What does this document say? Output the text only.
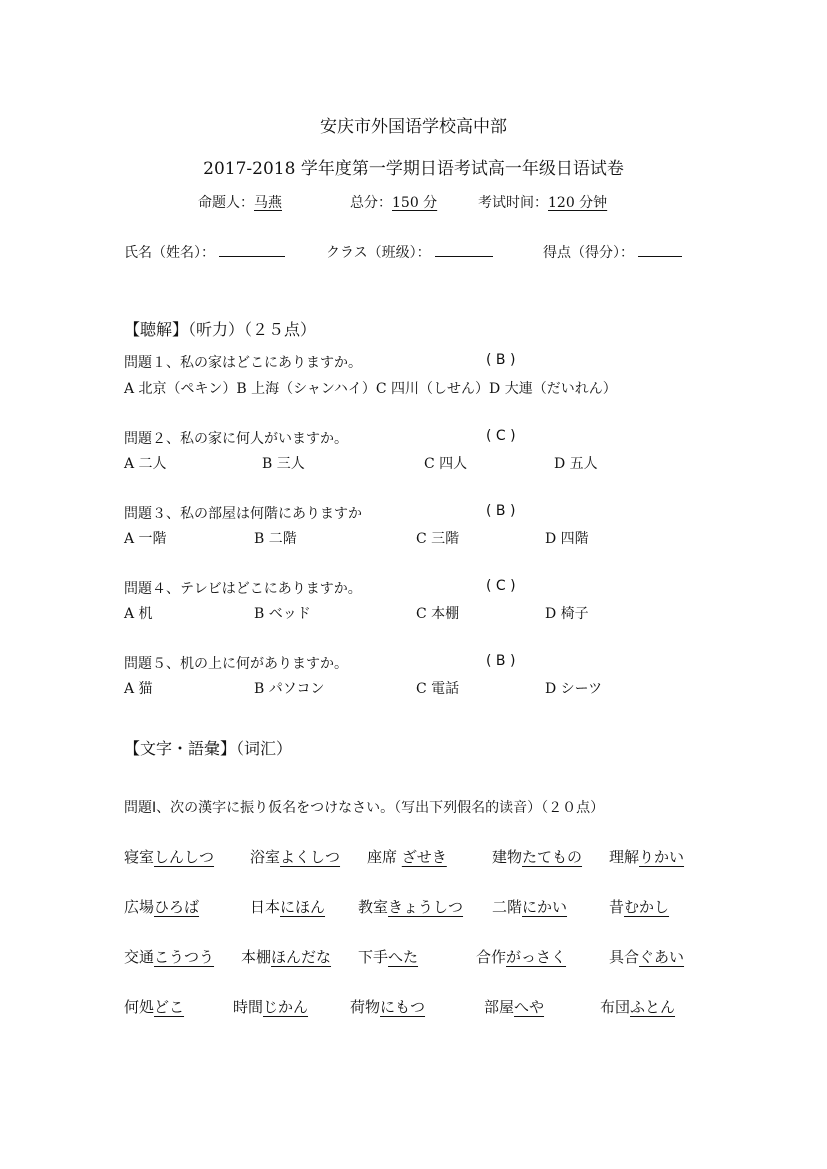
安庆市外国语学校高中部
2017-2018 学年度第一学期日语考试高一年级日语试卷
命题人：马燕	总分：150 分	考试时间：120 分钟
氏名（姓名）：	クラス（班级）：	得点（得分）：
【聴解】（听力）（２５点）
問題１、私の家はどこにありますか。	( B )
A 北京（ペキン）B 上海（シャンハイ）C 四川（しせん）D 大連（だいれん）
問題２、私の家に何人がいますか。	( C )
A 二人	B 三人	C 四人	D 五人
問題３、私の部屋は何階にありますか	( B )
A 一階	B 二階	C 三階	D 四階
問題４、テレビはどこにありますか。	( C )
A 机	B ベッド	C 本棚	D 椅子
問題５、机の上に何がありますか。	( B )
A 猫	B パソコン	C 電話	D シーツ
【文字・語彙】（词汇）
問題Ⅰ、次の漢字に振り仮名をつけなさい。（写出下列假名的读音）（２０点）
寝室しんしつ 浴室よくしつ 座席 ざせき	建物たてもの 理解りかい
広場ひろば	日本にほん 教室きょうしつ 二階にかい	昔むかし
交通こうつう 本棚ほんだな 下手へた	合作がっさく	具合ぐあい
何処どこ	時間じかん	荷物にもつ	部屋へや	布団ふとん
